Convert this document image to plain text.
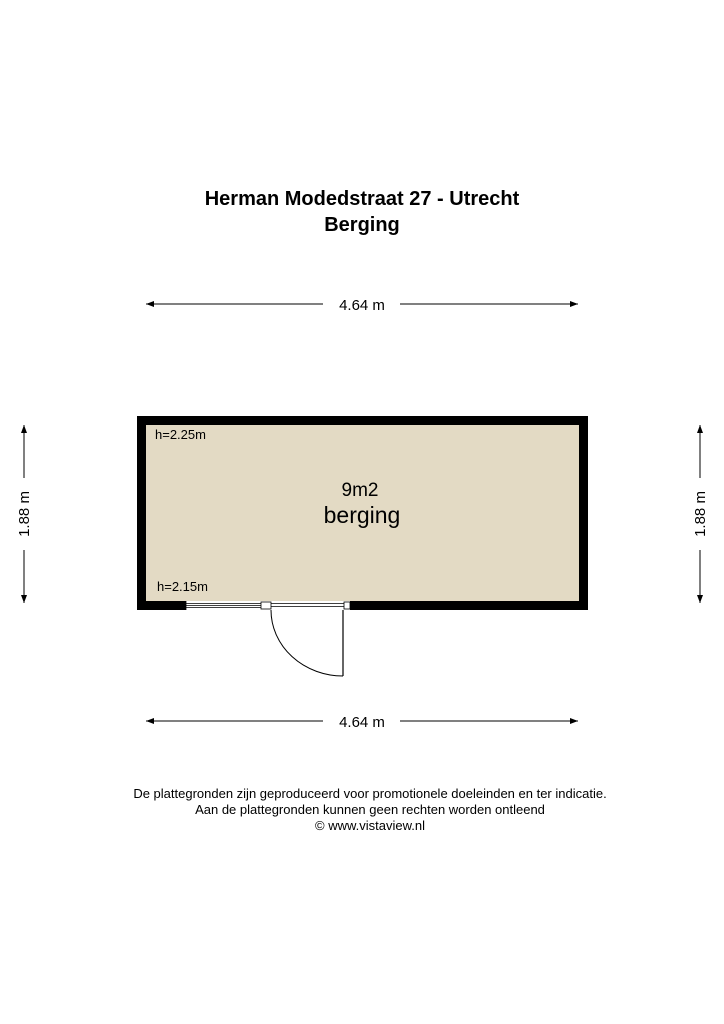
Herman Modedstraat 27 - Utrecht
Berging
4.64 m
4.64 m
1.88 m	1.88 m
h=2.25m
h=2.15m
9m2
berging
De plattegronden zijn geproduceerd voor promotionele doeleinden en ter indicatie.
Aan de plattegronden kunnen geen rechten worden ontleend
© www.vistaview.nl
